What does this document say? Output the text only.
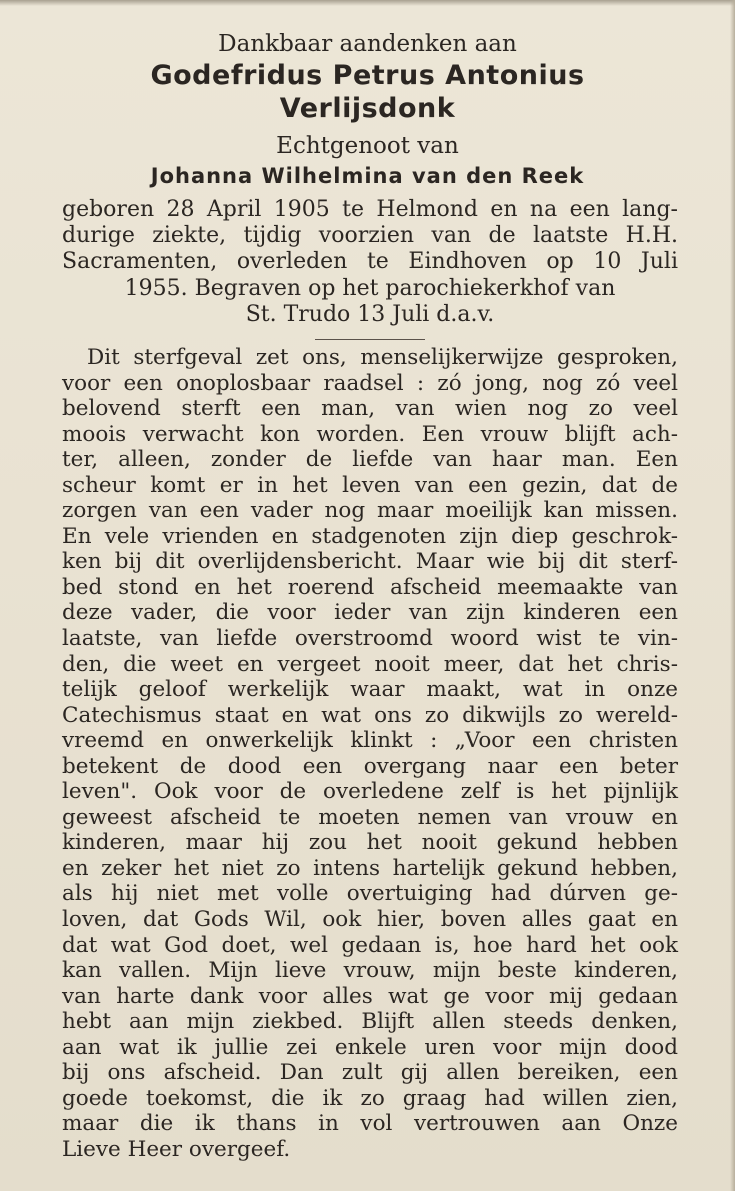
Dankbaar aandenken aan
Godefridus Petrus Antonius
Verlijsdonk
Echtgenoot van
Johanna Wilhelmina van den Reek
geboren 28 April 1905 te Helmond en na een lang-
durige ziekte, tijdig voorzien van de laatste H.H.
Sacramenten, overleden te Eindhoven op 10 Juli
1955. Begraven op het parochiekerkhof van
St. Trudo 13 Juli d.a.v.
Dit sterfgeval zet ons, menselijkerwijze gesproken,
voor een onoplosbaar raadsel : zó jong, nog zó veel
belovend sterft een man, van wien nog zo veel
moois verwacht kon worden. Een vrouw blijft ach-
ter, alleen, zonder de liefde van haar man. Een
scheur komt er in het leven van een gezin, dat de
zorgen van een vader nog maar moeilijk kan missen.
En vele vrienden en stadgenoten zijn diep geschrok-
ken bij dit overlijdensbericht. Maar wie bij dit sterf-
bed stond en het roerend afscheid meemaakte van
deze vader, die voor ieder van zijn kinderen een
laatste, van liefde overstroomd woord wist te vin-
den, die weet en vergeet nooit meer, dat het chris-
telijk geloof werkelijk waar maakt, wat in onze
Catechismus staat en wat ons zo dikwijls zo wereld-
vreemd en onwerkelijk klinkt : „Voor een christen
betekent de dood een overgang naar een beter
leven". Ook voor de overledene zelf is het pijnlijk
geweest afscheid te moeten nemen van vrouw en
kinderen, maar hij zou het nooit gekund hebben
en zeker het niet zo intens hartelijk gekund hebben,
als hij niet met volle overtuiging had dúrven ge-
loven, dat Gods Wil, ook hier, boven alles gaat en
dat wat God doet, wel gedaan is, hoe hard het ook
kan vallen. Mijn lieve vrouw, mijn beste kinderen,
van harte dank voor alles wat ge voor mij gedaan
hebt aan mijn ziekbed. Blijft allen steeds denken,
aan wat ik jullie zei enkele uren voor mijn dood
bij ons afscheid. Dan zult gij allen bereiken, een
goede toekomst, die ik zo graag had willen zien,
maar die ik thans in vol vertrouwen aan Onze
Lieve Heer overgeef.
